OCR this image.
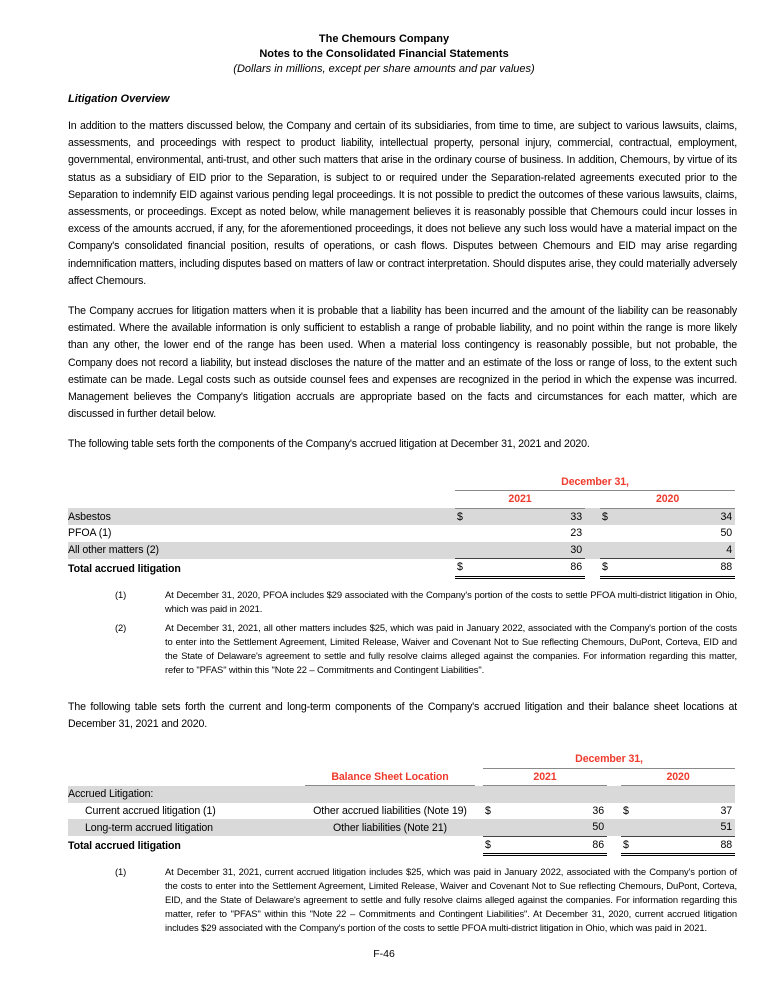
The Chemours Company
Notes to the Consolidated Financial Statements
(Dollars in millions, except per share amounts and par values)
Litigation Overview

In addition to the matters discussed below, the Company and certain of its subsidiaries, from time to time, are subject to various lawsuits, claims, assessments, and proceedings with respect to product liability, intellectual property, personal injury, commercial, contractual, employment, governmental, environmental, anti-trust, and other such matters that arise in the ordinary course of business. In addition, Chemours, by virtue of its status as a subsidiary of EID prior to the Separation, is subject to or required under the Separation-related agreements executed prior to the Separation to indemnify EID against various pending legal proceedings. It is not possible to predict the outcomes of these various lawsuits, claims, assessments, or proceedings. Except as noted below, while management believes it is reasonably possible that Chemours could incur losses in excess of the amounts accrued, if any, for the aforementioned proceedings, it does not believe any such loss would have a material impact on the Company's consolidated financial position, results of operations, or cash flows. Disputes between Chemours and EID may arise regarding indemnification matters, including disputes based on matters of law or contract interpretation. Should disputes arise, they could materially adversely affect Chemours.

The Company accrues for litigation matters when it is probable that a liability has been incurred and the amount of the liability can be reasonably estimated. Where the available information is only sufficient to establish a range of probable liability, and no point within the range is more likely than any other, the lower end of the range has been used. When a material loss contingency is reasonably possible, but not probable, the Company does not record a liability, but instead discloses the nature of the matter and an estimate of the loss or range of loss, to the extent such estimate can be made. Legal costs such as outside counsel fees and expenses are recognized in the period in which the expense was incurred. Management believes the Company's litigation accruals are appropriate based on the facts and circumstances for each matter, which are discussed in further detail below.

The following table sets forth the components of the Company's accrued litigation at December 31, 2021 and 2020.

	December 31,				
	2021			2020	
Asbestos	$	33		$	34
PFOA (1)		23			50
All other matters (2)		30			4
Total accrued litigation	$	86		$	88
(1)	At December 31, 2020, PFOA includes $29 associated with the Company's portion of the costs to settle PFOA multi-district litigation in Ohio, which was paid in 2021.
(2)	At December 31, 2021, all other matters includes $25, which was paid in January 2022, associated with the Company's portion of the costs to enter into the Settlement Agreement, Limited Release, Waiver and Covenant Not to Sue reflecting Chemours, DuPont, Corteva, EID and the State of Delaware's agreement to settle and fully resolve claims alleged against the companies. For information regarding this matter, refer to "PFAS" within this "Note 22 – Commitments and Contingent Liabilities".

The following table sets forth the current and long-term components of the Company's accrued litigation and their balance sheet locations at December 31, 2021 and 2020.

			December 31,				
	Balance Sheet Location		2021			2020	
Accrued Litigation:							
Current accrued litigation (1)	Other accrued liabilities (Note 19)		$	36		$	37
Long-term accrued litigation	Other liabilities (Note 21)			50			51
Total accrued litigation			$	86		$	88
(1)	At December 31, 2021, current accrued litigation includes $25, which was paid in January 2022, associated with the Company's portion of the costs to enter into the Settlement Agreement, Limited Release, Waiver and Covenant Not to Sue reflecting Chemours, DuPont, Corteva, EID, and the State of Delaware's agreement to settle and fully resolve claims alleged against the companies. For information regarding this matter, refer to "PFAS" within this "Note 22 – Commitments and Contingent Liabilities". At December 31, 2020, current accrued litigation includes $29 associated with the Company's portion of the costs to settle PFOA multi-district litigation in Ohio, which was paid in 2021.
F-46
